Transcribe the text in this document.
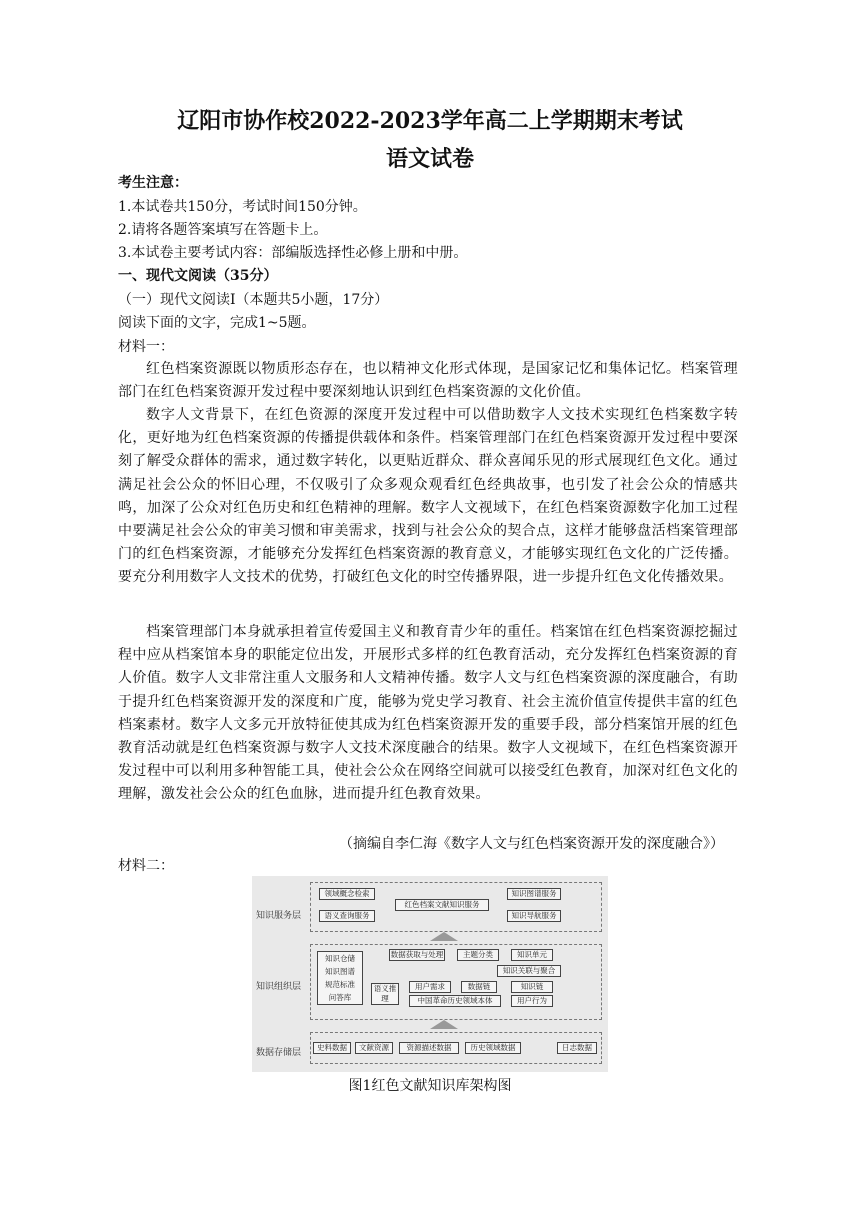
辽阳市协作校2022-2023学年高二上学期期末考试
语文试卷
考生注意：
1.本试卷共150分，考试时间150分钟。
2.请将各题答案填写在答题卡上。
3.本试卷主要考试内容：部编版选择性必修上册和中册。
一、现代文阅读（35分）
（一）现代文阅读Ⅰ（本题共5小题，17分）
阅读下面的文字，完成1~5题。
材料一：
红色档案资源既以物质形态存在，也以精神文化形式体现，是国家记忆和集体记忆。档案管理部门在红色档案资源开发过程中要深刻地认识到红色档案资源的文化价值。
数字人文背景下，在红色资源的深度开发过程中可以借助数字人文技术实现红色档案数字转化，更好地为红色档案资源的传播提供载体和条件。档案管理部门在红色档案资源开发过程中要深刻了解受众群体的需求，通过数字转化，以更贴近群众、群众喜闻乐见的形式展现红色文化。通过满足社会公众的怀旧心理，不仅吸引了众多观众观看红色经典故事，也引发了社会公众的情感共鸣，加深了公众对红色历史和红色精神的理解。数字人文视域下，在红色档案资源数字化加工过程中要满足社会公众的审美习惯和审美需求，找到与社会公众的契合点，这样才能够盘活档案管理部门的红色档案资源，才能够充分发挥红色档案资源的教育意义，才能够实现红色文化的广泛传播。要充分利用数字人文技术的优势，打破红色文化的时空传播界限，进一步提升红色文化传播效果。
档案管理部门本身就承担着宣传爱国主义和教育青少年的重任。档案馆在红色档案资源挖掘过程中应从档案馆本身的职能定位出发，开展形式多样的红色教育活动，充分发挥红色档案资源的育人价值。数字人文非常注重人文服务和人文精神传播。数字人文与红色档案资源的深度融合，有助于提升红色档案资源开发的深度和广度，能够为党史学习教育、社会主流价值宣传提供丰富的红色档案素材。数字人文多元开放特征使其成为红色档案资源开发的重要手段，部分档案馆开展的红色教育活动就是红色档案资源与数字人文技术深度融合的结果。数字人文视域下，在红色档案资源开发过程中可以利用多种智能工具，使社会公众在网络空间就可以接受红色教育，加深对红色文化的理解，激发社会公众的红色血脉，进而提升红色教育效果。
（摘编自李仁海《数字人文与红色档案资源开发的深度融合》）
材料二：
知识服务层
领域概念检索
语义查询服务
红色档案文献知识服务
知识图谱服务
知识导航服务
知识组织层
知识仓储
知识图谱
规范标准
问答库
数据获取与处理	主题分类	知识单元
知识关联与聚合
语义推理
用户需求	数据链	知识链
中国革命历史领域本体	用户行为
数据存储层
史料数据	文献资源	资源描述数据	历史领域数据	日志数据
图1红色文献知识库架构图
